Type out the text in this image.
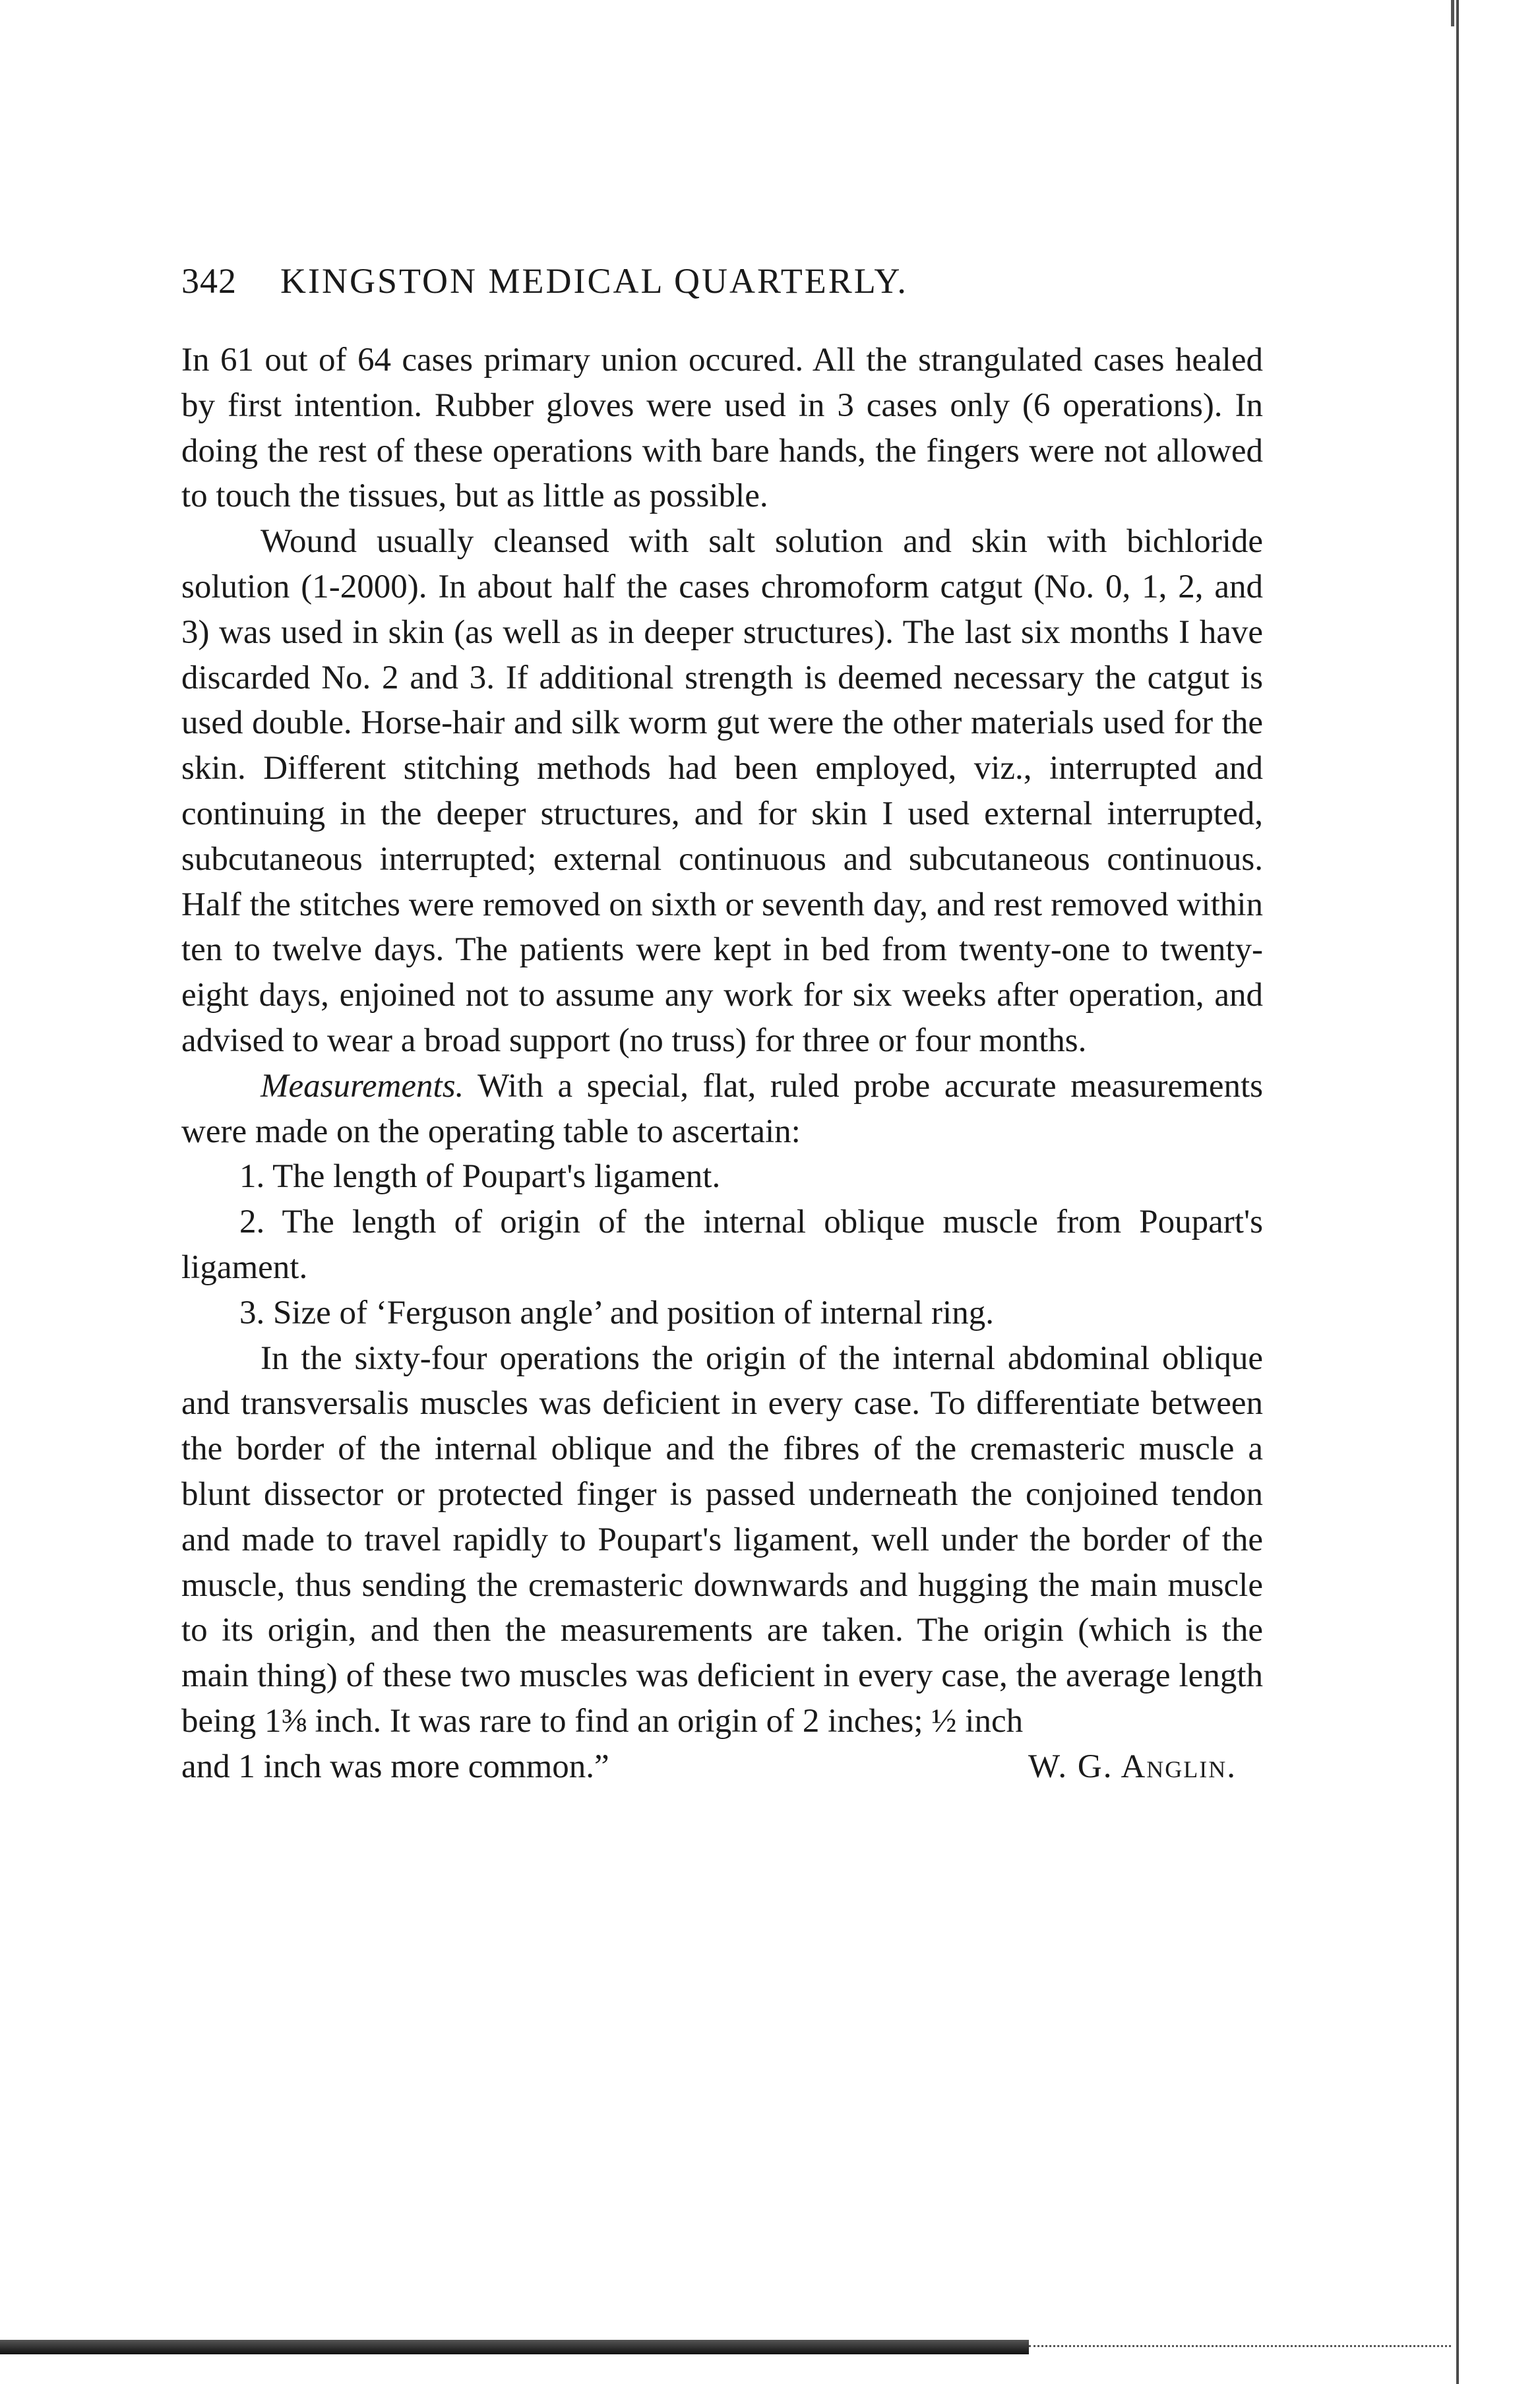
342 KINGSTON MEDICAL QUARTERLY.

In 61 out of 64 cases primary union occured. All the strangulated cases healed by first intention. Rubber gloves were used in 3 cases only (6 operations). In doing the rest of these operations with bare hands, the fingers were not allowed to touch the tissues, but as little as possible.

Wound usually cleansed with salt solution and skin with bichloride solution (1-2000). In about half the cases chromoform catgut (No. 0, 1, 2, and 3) was used in skin (as well as in deeper structures). The last six months I have discarded No. 2 and 3. If additional strength is deemed necessary the catgut is used double. Horse-hair and silk worm gut were the other materials used for the skin. Different stitching methods had been employed, viz., interrupted and continuing in the deeper structures, and for skin I used external interrupted, subcutaneous interrupted; external continuous and subcutaneous continuous. Half the stitches were removed on sixth or seventh day, and rest removed within ten to twelve days. The patients were kept in bed from twenty-one to twenty-eight days, enjoined not to assume any work for six weeks after operation, and advised to wear a broad support (no truss) for three or four months.

Measurements. With a special, flat, ruled probe accurate measurements were made on the operating table to ascertain:

1. The length of Poupart's ligament.

2. The length of origin of the internal oblique muscle from Poupart's ligament.

3. Size of ‘Ferguson angle’ and position of internal ring.

In the sixty-four operations the origin of the internal abdominal oblique and transversalis muscles was deficient in every case. To differentiate between the border of the internal oblique and the fibres of the cremasteric muscle a blunt dissector or protected finger is passed underneath the conjoined tendon and made to travel rapidly to Poupart's ligament, well under the border of the muscle, thus sending the cremasteric downwards and hugging the main muscle to its origin, and then the measurements are taken. The origin (which is the main thing) of these two muscles was deficient in every case, the average length being 1⅜ inch. It was rare to find an origin of 2 inches; ½ inch

and 1 inch was more common.”	W. G. Anglin.
